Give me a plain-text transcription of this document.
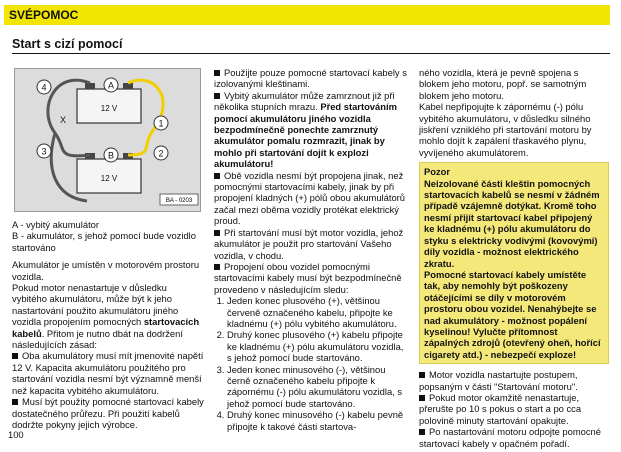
SVÉPOMOC
Start s cizí pomocí
A
B
X	1
2
3
4
12 V
12 V
BA - 0203

A - vybitý akumulátor

B - akumulátor, s jehož pomocí bude vozidlo startováno

Akumulátor je umístěn v motorovém prostoru vozidla.

Pokud motor nenastartuje v důsledku vybitého akumulátoru, může být k jeho nastartování použito akumulátoru jiného vozidla propojením pomocných startovacích kabelů. Přitom je nutno dbát na dodržení následujících zásad:

Oba akumulátory musí mít jmenovité napětí 12 V. Kapacita akumulátoru použitého pro startování vozidla nesmí být významně menší než kapacita vybitého akumulátoru.

Musí být použity pomocné startovací kabely dostatečného průřezu. Při použití kabelů dodržte pokyny jejich výrobce.

Použijte pouze pomocné startovací kabely s izolovanými kleštinami.

Vybitý akumulátor může zamrznout již při několika stupních mrazu. Před startováním pomocí akumulátoru jiného vozidla bezpodmínečně ponechte zamrznutý akumulátor pomalu rozmrazit, jinak by mohlo při startování dojít k explozi akumulátoru!

Obě vozidla nesmí být propojena jinak, než pomocnými startovacími kabely, jinak by při propojení kladných (+) pólů obou akumulátorů začal mezi oběma vozidly protékat elektrický proud.

Při startování musí být motor vozidla, jehož akumulátor je použit pro startování Vašeho vozidla, v chodu.

Propojení obou vozidel pomocnými startovacími kabely musí být bezpodmínečně provedeno v následujícím sledu:

1. Jeden konec plusového (+), většinou červeně označeného kabelu, připojte ke kladnému (+) pólu vybitého akumulátoru.
2. Druhý konec plusového (+) kabelu připojte ke kladnému (+) pólu akumulátoru vozidla, s jehož pomocí bude startováno.
3. Jeden konec minusového (-), většinou černě označeného kabelu připojte k zápornému (-) pólu akumulátoru vozidla, s jehož pomocí bude startováno.
4. Druhý konec minusového (-) kabelu pevně připojte k takové části startova-

ného vozidla, která je pevně spojena s blokem jeho motoru, popř. se samotným blokem jeho motoru.

Kabel nepřipojujte k zápornému (-) pólu vybitého akumulátoru, v důsledku silného jiskření vzniklého při startování motoru by mohlo dojít k zapálení třaskavého plynu, vyvíjeného akumulátorem.

Pozor

Neizolované části kleštin pomocných startovacích kabelů se nesmí v žádném případě vzájemně dotýkat. Kromě toho nesmí přijít startovací kabel připojený ke kladnému (+) pólu akumulátoru do styku s elektricky vodivými (kovovými) díly vozidla - možnost elektrického zkratu.

Pomocné startovací kabely umístěte tak, aby nemohly být poškozeny otáčejícími se díly v motorovém prostoru obou vozidel. Nenahýbejte se nad akumulátory - možnost popálení kyselinou! Vylučte přítomnost zápalných zdrojů (otevřený oheň, hořící cigarety atd.) - nebezpečí exploze!

Motor vozidla nastartujte postupem, popsaným v části "Startování motoru".

Pokud motor okamžitě nenastartuje, přerušte po 10 s pokus o start a po cca polovině minuty startování opakujte.

Po nastartování motoru odpojte pomocné startovací kabely v opačném pořadí.

100
